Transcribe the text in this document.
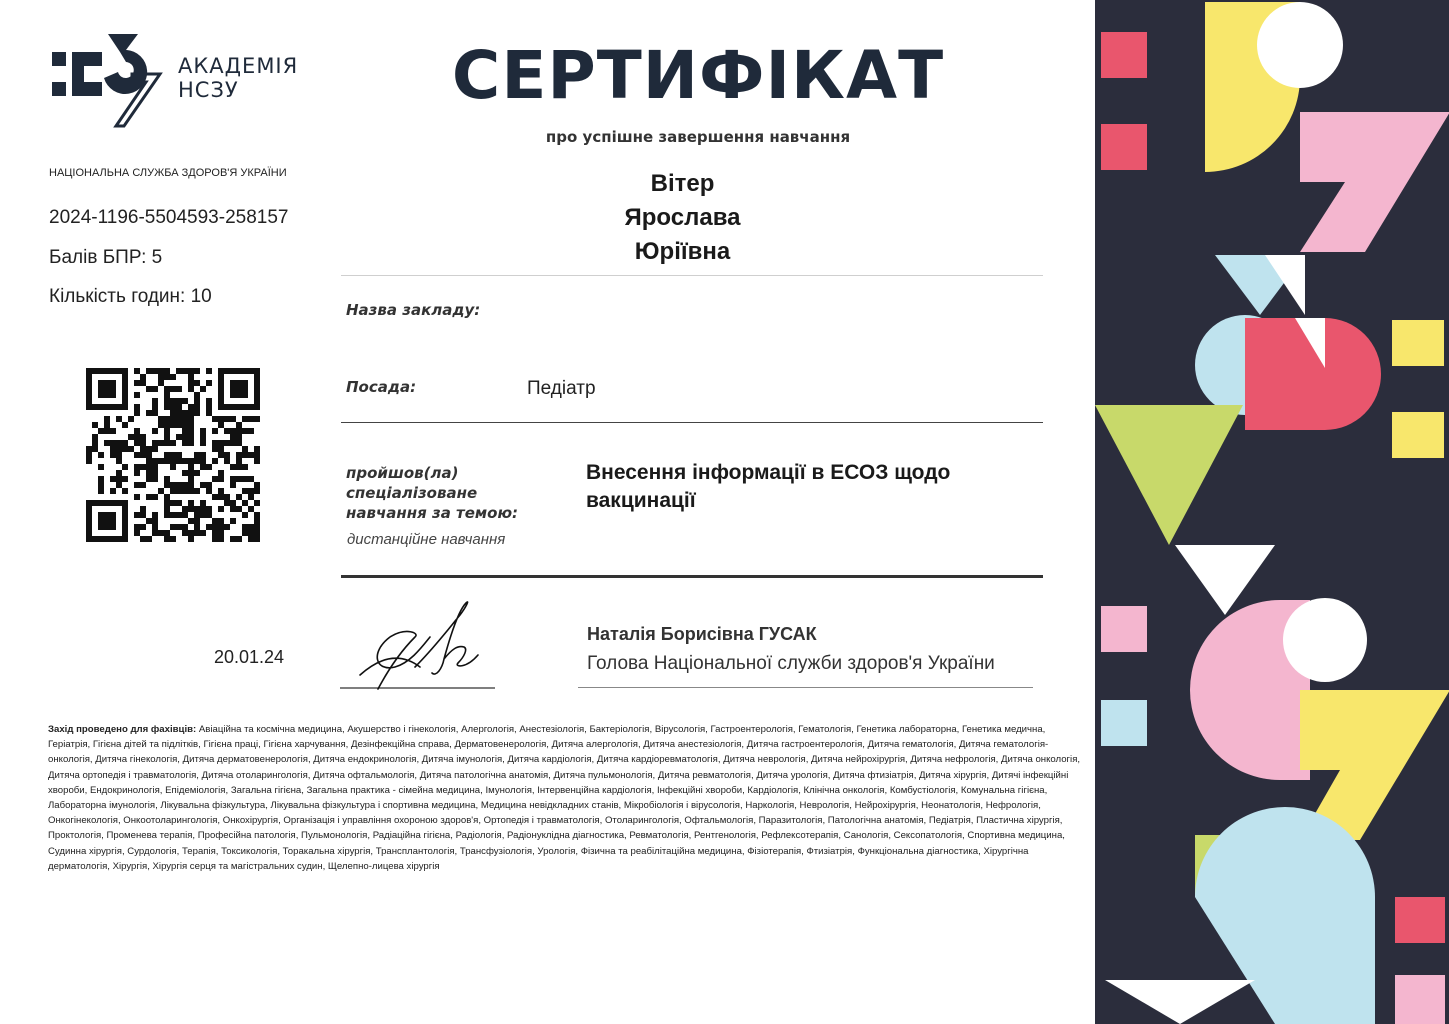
АКАДЕМІЯ
НСЗУ
НАЦІОНАЛЬНА СЛУЖБА ЗДОРОВ'Я УКРАЇНИ
2024-1196-5504593-258157
Балів БПР: 5
Кількість годин: 10
20.01.24
СЕРТИФІКАТ
про успішне завершення навчання
Вітер
Ярослава
Юріївна
Назва закладу:
Посада:	Педіатр
пройшов(ла) спеціалізоване навчання за темою:
дистанційне навчання
Внесення інформації в ЕСОЗ щодо вакцинації
Наталія Борисівна ГУСАК
Голова Національної служби здоров'я України
Захід проведено для фахівців: Авіаційна та космічна медицина, Акушерство і гінекологія, Алергологія, Анестезіологія, Бактеріологія, Вірусологія, Гастроентерологія, Гематологія, Генетика лабораторна, Генетика медична, Геріатрія, Гігієна дітей та підлітків, Гігієна праці, Гігієна харчування, Дезінфекційна справа, Дерматовенерологія, Дитяча алергологія, Дитяча анестезіологія, Дитяча гастроентерологія, Дитяча гематологія, Дитяча гематологія-онкологія, Дитяча гінекологія, Дитяча дерматовенерологія, Дитяча ендокринологія, Дитяча імунологія, Дитяча кардіологія, Дитяча кардіоревматологія, Дитяча неврологія, Дитяча нейрохірургія, Дитяча нефрологія, Дитяча онкологія, Дитяча ортопедія і травматологія, Дитяча отоларингологія, Дитяча офтальмологія, Дитяча патологічна анатомія, Дитяча пульмонологія, Дитяча ревматологія, Дитяча урологія, Дитяча фтизіатрія, Дитяча хірургія, Дитячі інфекційні хвороби, Ендокринологія, Епідеміологія, Загальна гігієна, Загальна практика - сімейна медицина, Імунологія, Інтервенційна кардіологія, Інфекційні хвороби, Кардіологія, Клінічна онкологія, Комбустіологія, Комунальна гігієна, Лабораторна імунологія, Лікувальна фізкультура, Лікувальна фізкультура і спортивна медицина, Медицина невідкладних станів, Мікробіологія і вірусологія, Наркологія, Неврологія, Нейрохірургія, Неонатологія, Нефрологія, Онкогінекологія, Онкоотоларингологія, Онкохірургія, Організація і управління охороною здоров'я, Ортопедія і травматологія, Отоларингологія, Офтальмологія, Паразитологія, Патологічна анатомія, Педіатрія, Пластична хірургія, Проктологія, Променева терапія, Професійна патологія, Пульмонологія, Радіаційна гігієна, Радіологія, Радіонуклідна діагностика, Ревматологія, Рентгенологія, Рефлексотерапія, Санологія, Сексопатологія, Спортивна медицина, Судинна хірургія, Сурдологія, Терапія, Токсикологія, Торакальна хірургія, Трансплантологія, Трансфузіологія, Урологія, Фізична та реабілітаційна медицина, Фізіотерапія, Фтизіатрія, Функціональна діагностика, Хірургічна дерматологія, Хірургія, Хірургія серця та магістральних судин, Щелепно-лицева хірургія
